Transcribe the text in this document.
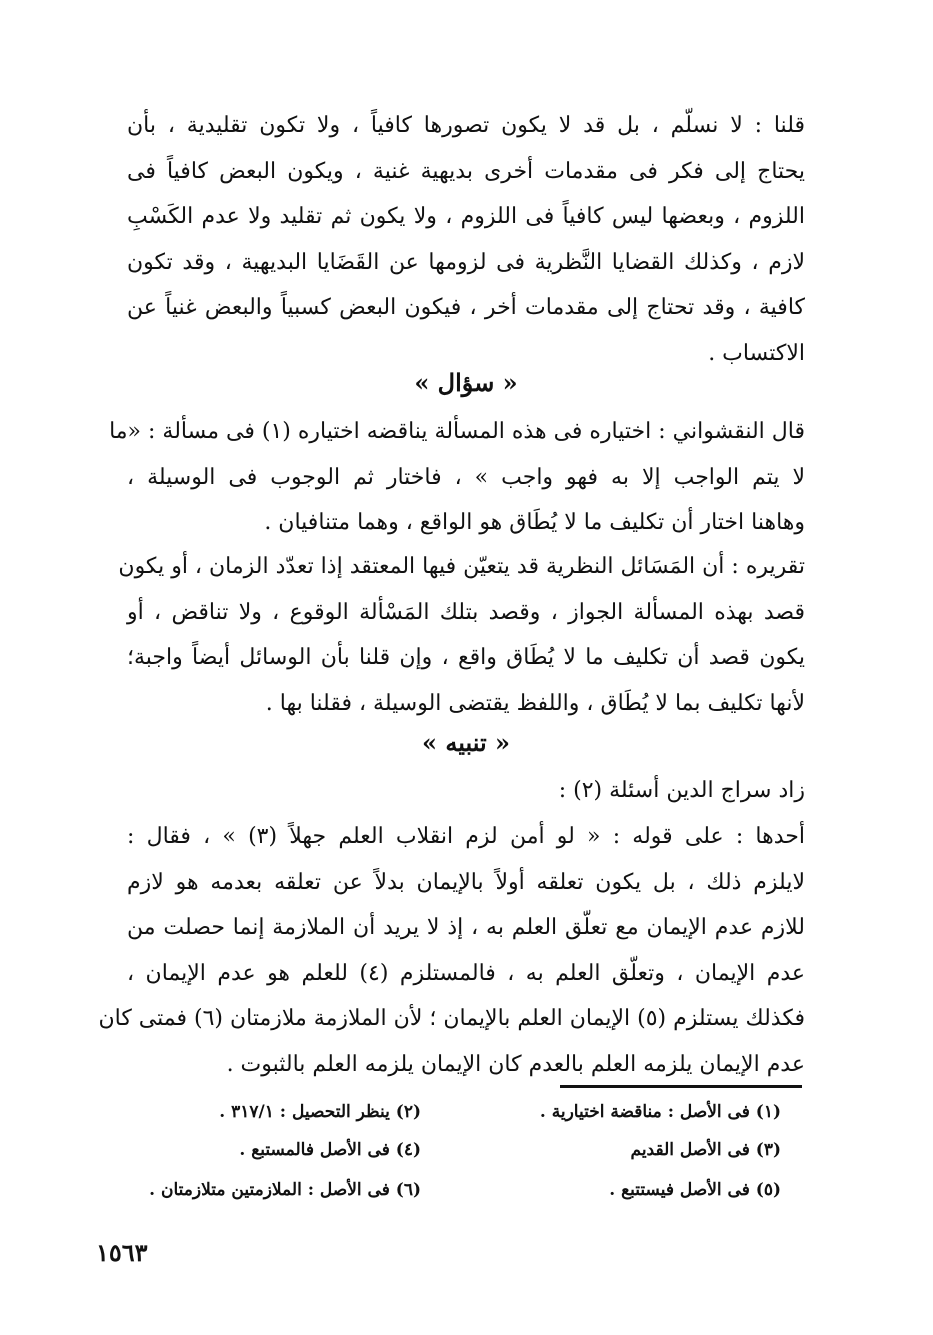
قلنا : لا نسلّم ، بل قد لا يكون تصورها كافياً ، ولا تكون تقليدية ، بأن

يحتاج إلى فكر فى مقدمات أخرى بديهية غنية ، ويكون البعض كافياً فى

اللزوم ، وبعضها ليس كافياً فى اللزوم ، ولا يكون ثم تقليد ولا عدم الكَسْبِ

لازم ، وكذلك القضايا النَّظرية فى لزومها عن القَضَايا البديهية ، وقد تكون

كافية ، وقد تحتاج إلى مقدمات أخر ، فيكون البعض كسبياً والبعض غنياً عن

الاكتساب .

« سؤال »

قال النقشواني : اختياره فى هذه المسألة يناقضه اختياره (١) فى مسألة : «ما

لا يتم الواجب إلا به فهو واجب » ، فاختار ثم الوجوب فى الوسيلة ،

وهاهنا اختار أن تكليف ما لا يُطَاق هو الواقع ، وهما متنافيان .

تقريره : أن المَسَائل النظرية قد يتعيّن فيها المعتقد إذا تعدّد الزمان ، أو يكون

قصد بهذه المسألة الجواز ، وقصد بتلك المَسْألة الوقوع ، ولا تناقض ، أو

يكون قصد أن تكليف ما لا يُطَاق واقع ، وإن قلنا بأن الوسائل أيضاً واجبة؛

لأنها تكليف بما لا يُطَاق ، واللفظ يقتضى الوسيلة ، فقلنا بها .

« تنبيه »

زاد سراج الدين أسئلة (٢) :

أحدها : على قوله : « لو أمن لزم انقلاب العلم جهلاً (٣) » ، فقال :

لايلزم ذلك ، بل يكون تعلقه أولاً بالإيمان بدلاً عن تعلقه بعدمه هو لازم

للازم عدم الإيمان مع تعلّق العلم به ، إذ لا يريد أن الملازمة إنما حصلت من

عدم الإيمان ، وتعلّق العلم به ، فالمستلزم (٤) للعلم هو عدم الإيمان ،

فكذلك يستلزم (٥) الإيمان العلم بالإيمان ؛ لأن الملازمة ملازمتان (٦) فمتى كان

عدم الإيمان يلزمه العلم بالعدم كان الإيمان يلزمه العلم بالثبوت .

(١) فى الأصل : مناقضة اختيارية .
(٢) ينظر التحصيل : ٣١٧/١ .
(٣) فى الأصل القديم
(٤) فى الأصل فالمستبع .
(٥) فى الأصل فيستتبع .
(٦) فى الأصل : الملازمتين متلازمتان .
١٥٦٣
